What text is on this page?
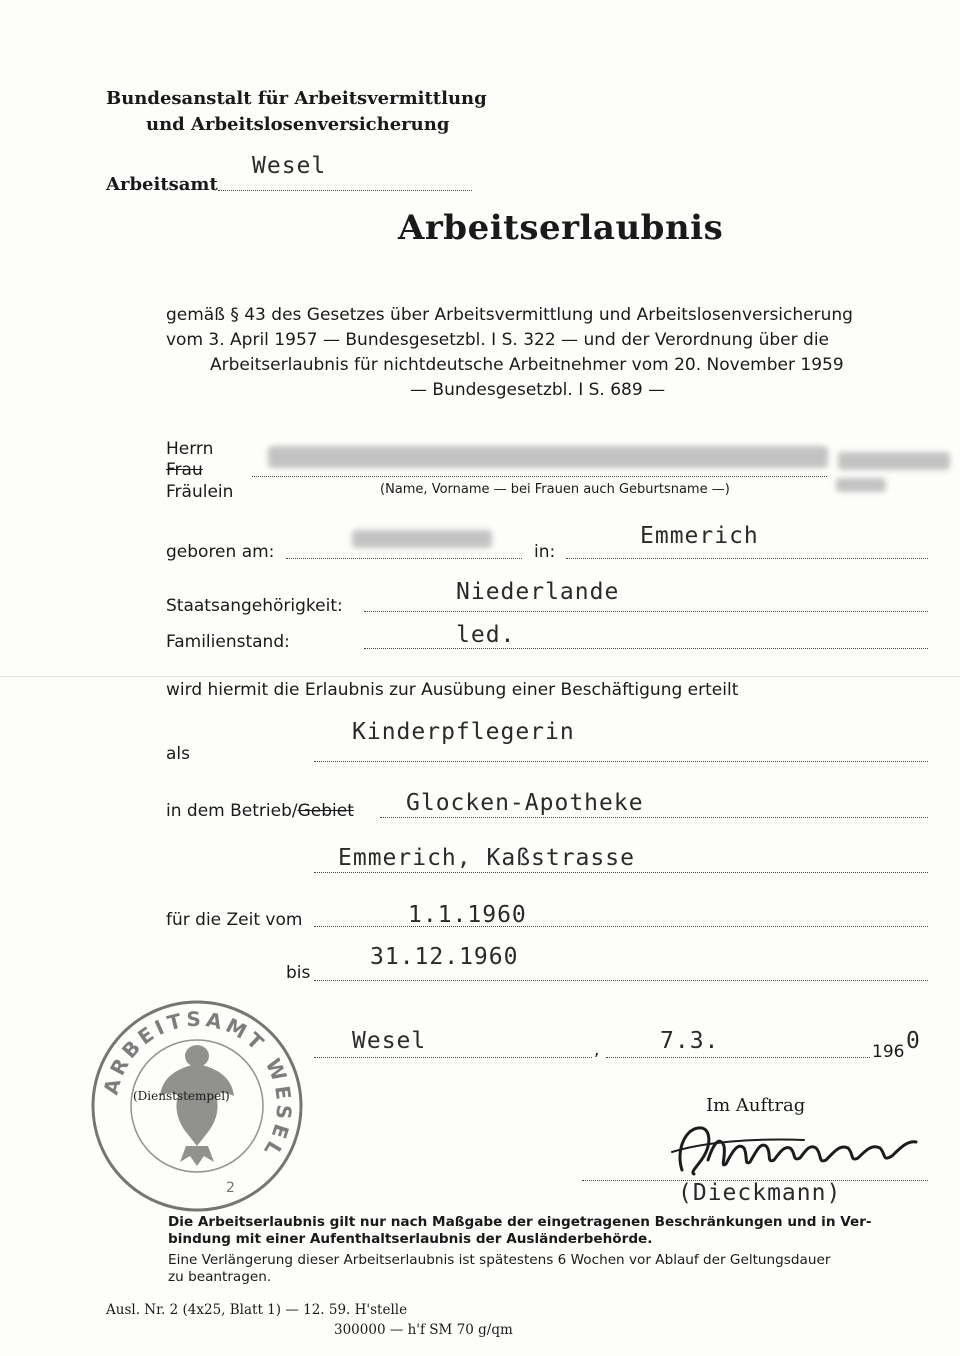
Bundesanstalt für Arbeitsvermittlung
und Arbeitslosenversicherung
Arbeitsamt
Wesel
Arbeitserlaubnis
gemäß § 43 des Gesetzes über Arbeitsvermittlung und Arbeitslosenversicherung
vom 3. April 1957 — Bundesgesetzbl. I S. 322 — und der Verordnung über die
Arbeitserlaubnis für nichtdeutsche Arbeitnehmer vom 20. November 1959
— Bundesgesetzbl. I S. 689 —
Herrn
Frau
Fräulein	(Name, Vorname — bei Frauen auch Geburtsname —)
geboren am:	in:
Emmerich
Staatsangehörigkeit:
Niederlande
Familienstand:	led.
wird hiermit die Erlaubnis zur Ausübung einer Beschäftigung erteilt
als
Kinderpflegerin
in dem Betrieb/Gebiet Glocken-Apotheke
Emmerich, Kaßstrasse
für die Zeit vom	1.1.1960
bis
31.12.1960
ARBEITSAMT WESEL
(Dienststempel)
2
Wesel	,	7.3.	196 0
Im Auftrag
(Dieckmann)
Die Arbeitserlaubnis gilt nur nach Maßgabe der eingetragenen Beschränkungen und in Ver-
bindung mit einer Aufenthaltserlaubnis der Ausländerbehörde.
Eine Verlängerung dieser Arbeitserlaubnis ist spätestens 6 Wochen vor Ablauf der Geltungsdauer
zu beantragen.
Ausl. Nr. 2 (4x25, Blatt 1) — 12. 59. H'stelle
300000 — h'f SM 70 g/qm
